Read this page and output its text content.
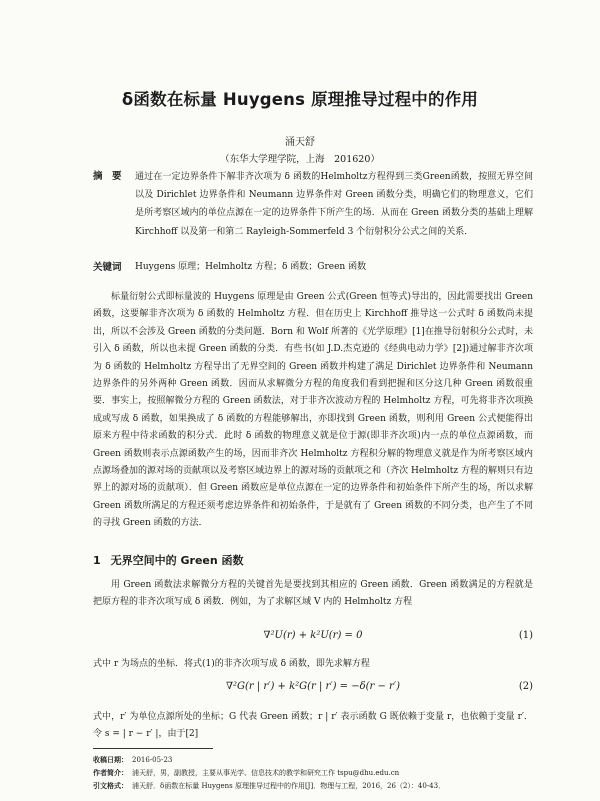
δ函数在标量 Huygens 原理推导过程中的作用
涌天舒
（东华大学理学院，上海　201620）
摘　要 通过在一定边界条件下解非齐次项为 δ 函数的Helmholtz方程得到三类Green函数，按照无界空间以及 Dirichlet 边界条件和 Neumann 边界条件对 Green 函数分类，明确它们的物理意义，它们是所考察区域内的单位点源在一定的边界条件下所产生的场．从而在 Green 函数分类的基础上理解 Kirchhoff 以及第一和第二 Rayleigh-Sommerfeld 3 个衍射积分公式之间的关系．
关键词 Huygens 原理；Helmholtz 方程；δ 函数；Green 函数
标量衍射公式即标量波的 Huygens 原理是由 Green 公式(Green 恒等式)导出的，因此需要找出 Green 函数，这要解非齐次项为 δ 函数的 Helmholtz 方程．但在历史上 Kirchhoff 推导这一公式时 δ 函数尚未提出，所以不会涉及 Green 函数的分类问题．Born 和 Wolf 所著的《光学原理》[1]在推导衍射积分公式时，未引入 δ 函数，所以也未提 Green 函数的分类．有些书(如 J.D.杰克逊的《经典电动力学》[2])通过解非齐次项为 δ 函数的 Helmholtz 方程导出了无界空间的 Green 函数并构建了满足 Dirichlet 边界条件和 Neumann 边界条件的另外两种 Green 函数．因而从求解微分方程的角度我们看到把握和区分这几种 Green 函数很重要．事实上，按照解微分方程的 Green 函数法，对于非齐次波动方程的 Helmholtz 方程，可先将非齐次项换成或写成 δ 函数，如果换成了 δ 函数的方程能够解出，亦即找到 Green 函数，则利用 Green 公式便能得出原来方程中待求函数的积分式．此时 δ 函数的物理意义就是位于源(即非齐次项)内一点的单位点源函数，而 Green 函数则表示点源函数产生的场，因而非齐次 Helmholtz 方程积分解的物理意义就是作为所考察区域内点源场叠加的源对场的贡献项以及考察区域边界上的源对场的贡献项之和（齐次 Helmholtz 方程的解则只有边界上的源对场的贡献项）．但 Green 函数应是单位点源在一定的边界条件和初始条件下所产生的场，所以求解 Green 函数所满足的方程还须考虑边界条件和初始条件，于是就有了 Green 函数的不同分类，也产生了不同的寻找 Green 函数的方法．
1 无界空间中的 Green 函数
用 Green 函数法求解微分方程的关键首先是要找到其相应的 Green 函数．Green 函数满足的方程就是把原方程的非齐次项写成 δ 函数．例如，为了求解区域 V 内的 Helmholtz 方程
∇²U(r) + k²U(r) = 0	(1)
式中 r 为场点的坐标．将式(1)的非齐次项写成 δ 函数，即先求解方程
∇²G(r | r′) + k²G(r | r′) = −δ(r − r′)	(2)
式中，r′ 为单位点源所处的坐标；G 代表 Green 函数；r | r′ 表示函数 G 既依赖于变量 r，也依赖于变量 r′．令 s = | r − r′ |，由于[2]
收稿日期： 2016-05-23
作者简介： 浦天舒，男，副教授，主要从事光学、信息技术的教学和研究工作 tspu@dhu.edu.cn
引文格式： 浦天舒．δ函数在标量 Huygens 原理推导过程中的作用[J]．物理与工程，2016，26（2）：40-43．
